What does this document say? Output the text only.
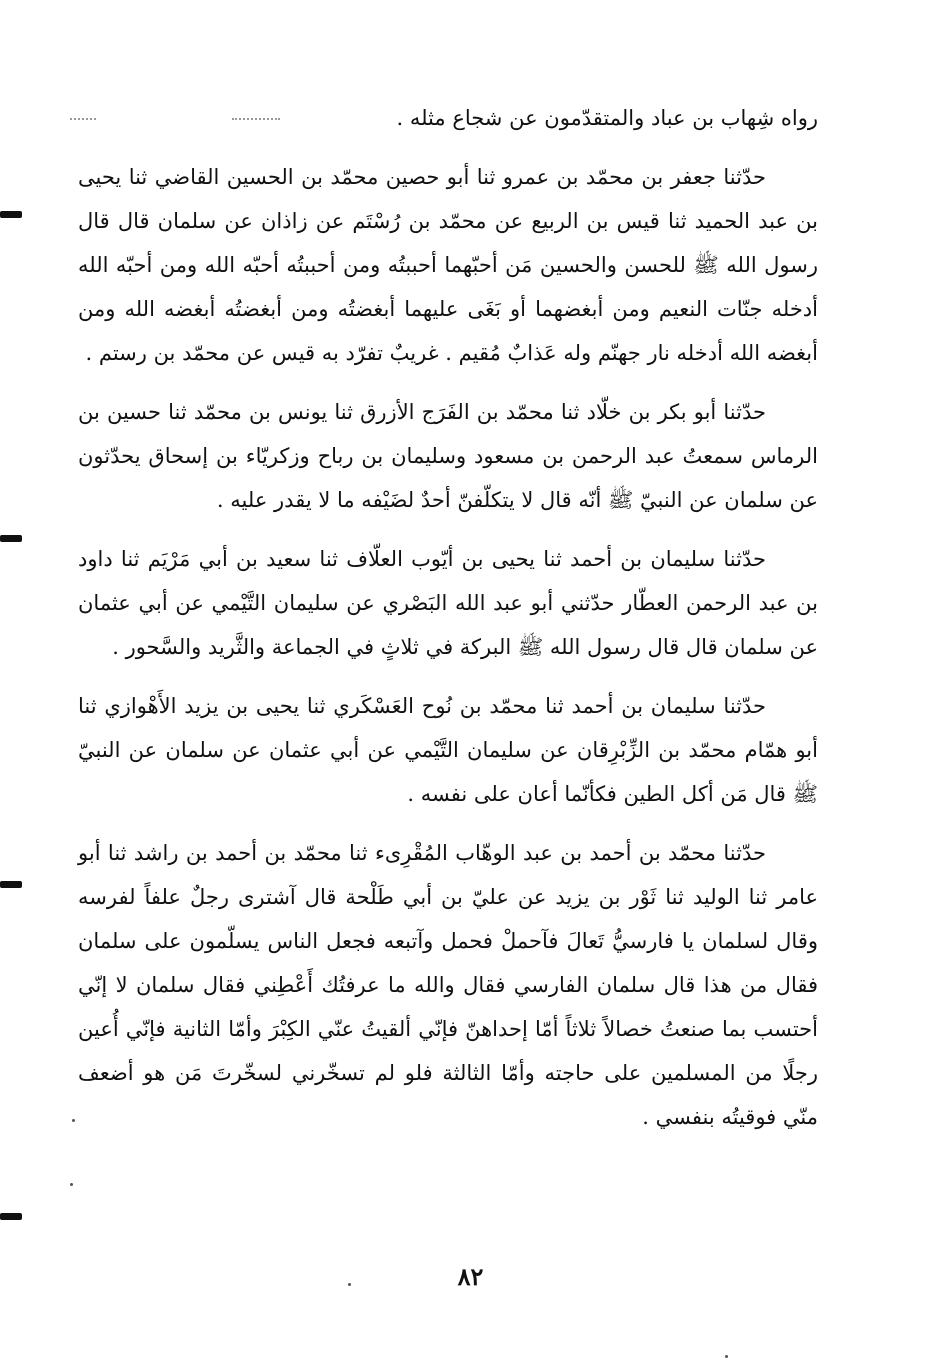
رواه شِهاب بن عباد والمتقدّمون عن شجاع مثله .

حدّثنا جعفر بن محمّد بن عمرو ثنا أبو حصين محمّد بن الحسين القاضي ثنا يحيى بن عبد الحميد ثنا قيس بن الربيع عن محمّد بن رُسْتَم عن زاذان عن سلمان قال قال رسول الله ﷺ للحسن والحسين مَن أحبّهما أحببتُه ومن أحببتُه أحبّه الله ومن أحبّه الله أدخله جنّات النعيم ومن أبغضهما أو بَغَى عليهما أبغضتُه ومن أبغضتُه أبغضه الله ومن أبغضه الله أدخله نار جهنّم وله عَذابٌ مُقيم . غريبٌ تفرّد به قيس عن محمّد بن رستم .

حدّثنا أبو بكر بن خلّاد ثنا محمّد بن الفَرَج الأزرق ثنا يونس بن محمّد ثنا حسين بن الرماس سمعتُ عبد الرحمن بن مسعود وسليمان بن رباح وزكريّاء بن إسحاق يحدّثون عن سلمان عن النبيّ ﷺ أنّه قال لا يتكلّفنّ أحدٌ لضَيْفه ما لا يقدر عليه .

حدّثنا سليمان بن أحمد ثنا يحيى بن أيّوب العلّاف ثنا سعيد بن أبي مَرْيَم ثنا داود بن عبد الرحمن العطّار حدّثني أبو عبد الله البَصْري عن سليمان التَّيْمي عن أبي عثمان عن سلمان قال قال رسول الله ﷺ البركة في ثلاثٍ في الجماعة والثَّريد والسَّحور .

حدّثنا سليمان بن أحمد ثنا محمّد بن نُوح العَسْكَري ثنا يحيى بن يزيد الأَهْوازي ثنا أبو همّام محمّد بن الزِّبْرِقان عن سليمان التَّيْمي عن أبي عثمان عن سلمان عن النبيّ ﷺ قال مَن أكل الطين فكأنّما أعان على نفسه .

حدّثنا محمّد بن أحمد بن عبد الوهّاب المُقْرِىء ثنا محمّد بن أحمد بن راشد ثنا أبو عامر ثنا الوليد ثنا ثَوْر بن يزيد عن عليّ بن أبي طَلْحة قال آشترى رجلٌ علفاً لفرسه وقال لسلمان يا فارسيُّ تَعالَ فآحملْ فحمل وآتبعه فجعل الناس يسلّمون على سلمان فقال من هذا قال سلمان الفارسي فقال والله ما عرفتُك أَعْطِني فقال سلمان لا إنّي أحتسب بما صنعتُ خصالاً ثلاثاً أمّا إحداهنّ فإنّي ألقيتُ عنّي الكِبْرَ وأمّا الثانية فإنّي أُعين رجلًا من المسلمين على حاجته وأمّا الثالثة فلو لم تسخّرني لسخّرتَ مَن هو أضعف منّي فوقيتُه بنفسي .

٨٢
